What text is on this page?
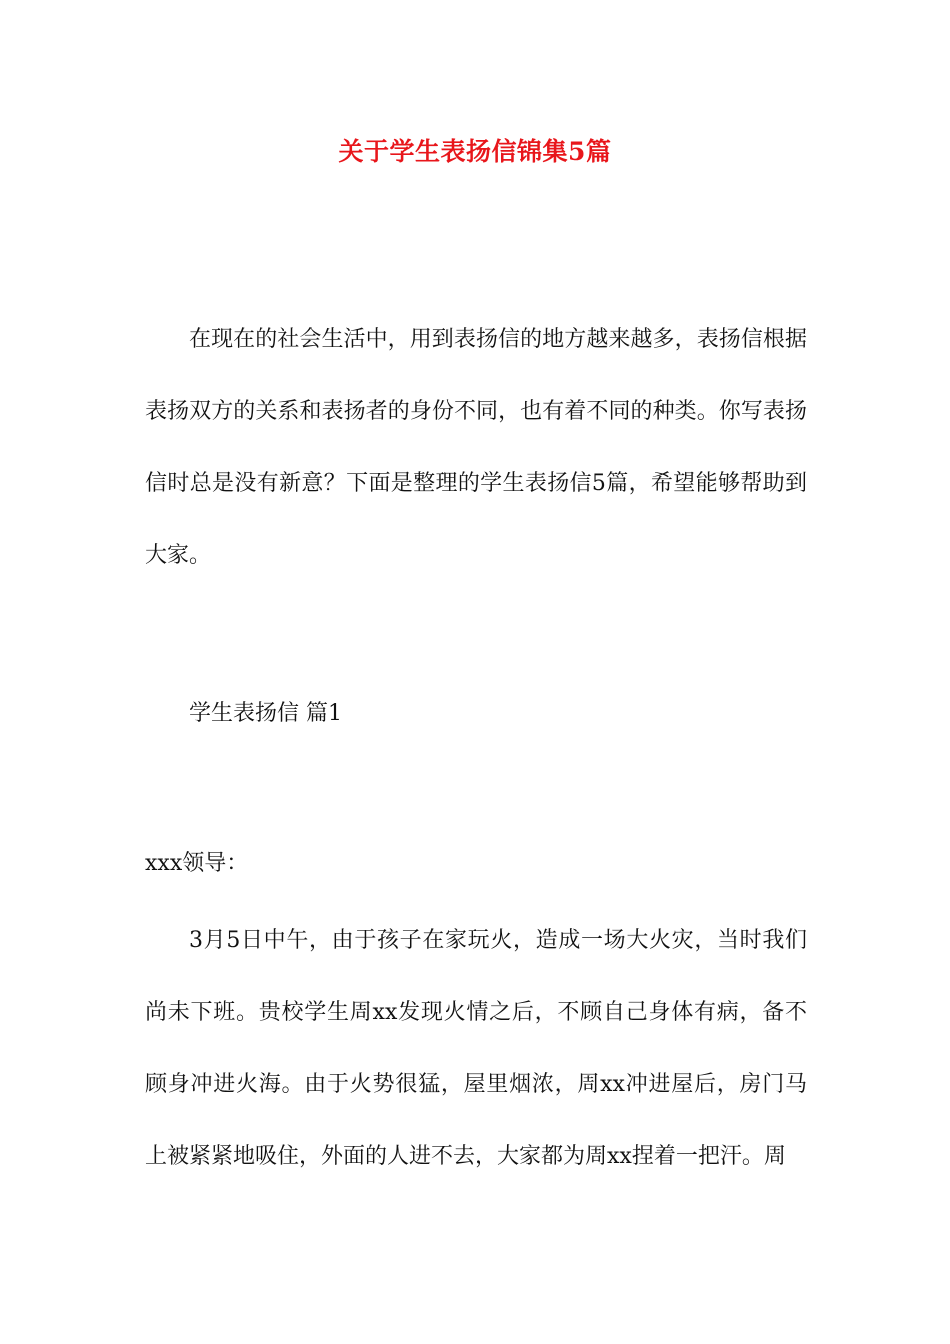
关于学生表扬信锦集5篇

在现在的社会生活中，用到表扬信的地方越来越多，表扬信根据表扬双方的关系和表扬者的身份不同，也有着不同的种类。你写表扬信时总是没有新意？下面是整理的学生表扬信5篇，希望能够帮助到大家。

学生表扬信 篇1

xxx领导：

3月5日中午，由于孩子在家玩火，造成一场大火灾，当时我们尚未下班。贵校学生周xx发现火情之后，不顾自己身体有病，备不顾身冲进火海。由于火势很猛，屋里烟浓，周xx冲进屋后，房门马上被紧紧地吸住，外面的人进不去，大家都为周xx捏着一把汗。周
